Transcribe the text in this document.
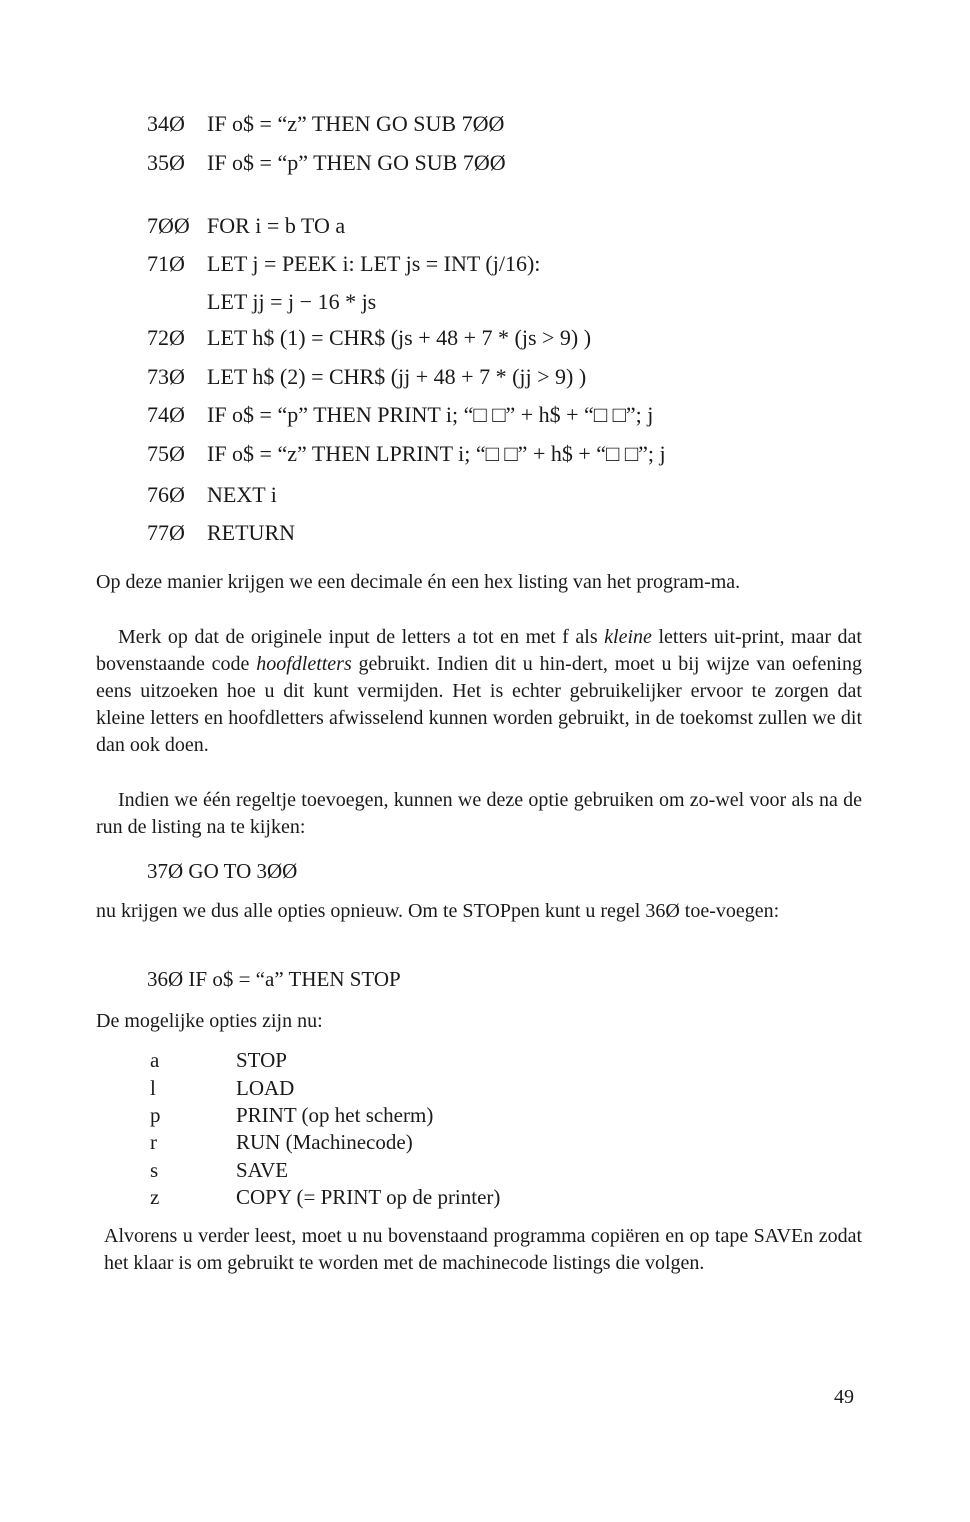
34Ø IF o$ = “z” THEN GO SUB 7ØØ
35Ø IF o$ = “p” THEN GO SUB 7ØØ
7ØØ FOR i = b TO a
71Ø LET j = PEEK i: LET js = INT (j/16):
LET jj = j − 16 * js
72Ø LET h$ (1) = CHR$ (js + 48 + 7 * (js > 9) )
73Ø LET h$ (2) = CHR$ (jj + 48 + 7 * (jj > 9) )
74Ø IF o$ = “p” THEN PRINT i; “□ □” + h$ + “□ □”; j
75Ø IF o$ = “z” THEN LPRINT i; “□ □” + h$ + “□ □”; j
76Ø NEXT i
77Ø RETURN

Op deze manier krijgen we een decimale én een hex listing van het program-ma.

Merk op dat de originele input de letters a tot en met f als kleine letters uit-print, maar dat bovenstaande code hoofdletters gebruikt. Indien dit u hin-dert, moet u bij wijze van oefening eens uitzoeken hoe u dit kunt vermijden. Het is echter gebruikelijker ervoor te zorgen dat kleine letters en hoofdletters afwisselend kunnen worden gebruikt, in de toekomst zullen we dit dan ook doen.

Indien we één regeltje toevoegen, kunnen we deze optie gebruiken om zo-wel voor als na de run de listing na te kijken:

37Ø GO TO 3ØØ

nu krijgen we dus alle opties opnieuw. Om te STOPpen kunt u regel 36Ø toe-voegen:

36Ø IF o$ = “a” THEN STOP

De mogelijke opties zijn nu:

a	STOP
l	LOAD
p	PRINT (op het scherm)
r	RUN (Machinecode)
s	SAVE
z	COPY (= PRINT op de printer)

Alvorens u verder leest, moet u nu bovenstaand programma copiëren en op tape SAVEn zodat het klaar is om gebruikt te worden met de machinecode listings die volgen.

49
